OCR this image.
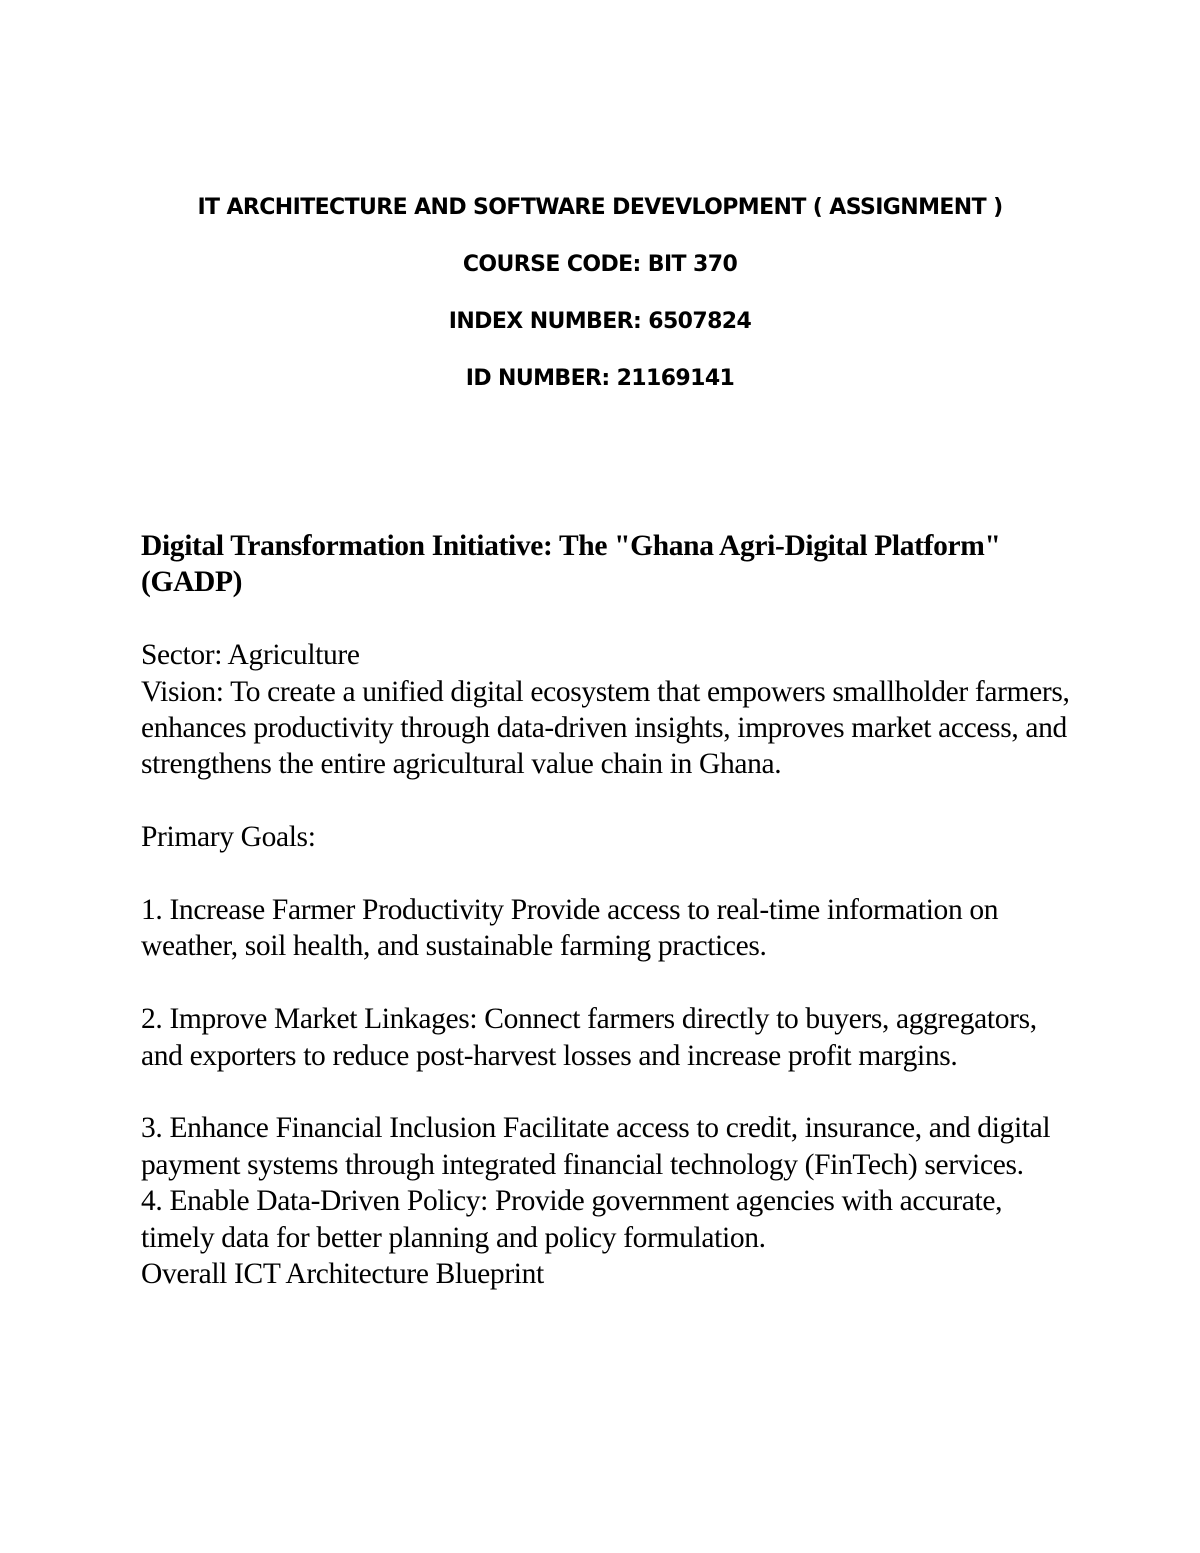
IT ARCHITECTURE AND SOFTWARE DEVEVLOPMENT ( ASSIGNMENT )

COURSE CODE: BIT 370

INDEX NUMBER: 6507824

ID NUMBER: 21169141

Digital Transformation Initiative: The "Ghana Agri-Digital Platform" (GADP)

Sector: Agriculture

Vision: To create a unified digital ecosystem that empowers smallholder farmers, enhances productivity through data-driven insights, improves market access, and strengthens the entire agricultural value chain in Ghana.

Primary Goals:

1. Increase Farmer Productivity Provide access to real-time information on weather, soil health, and sustainable farming practices.

2. Improve Market Linkages: Connect farmers directly to buyers, aggregators, and exporters to reduce post-harvest losses and increase profit margins.

3. Enhance Financial Inclusion Facilitate access to credit, insurance, and digital payment systems through integrated financial technology (FinTech) services.

4. Enable Data-Driven Policy: Provide government agencies with accurate, timely data for better planning and policy formulation.

Overall ICT Architecture Blueprint
